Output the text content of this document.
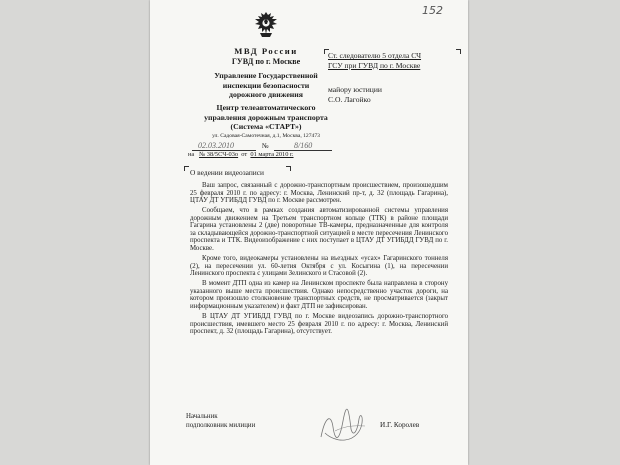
152
МВД России
ГУВД по г. Москве
Управление Государственной
инспекции безопасности
дорожного движения
Центр телеавтоматического
управления дорожным транспорта
(Система «СТАРТ»)
ул. Садовая-Самотечная, д.1, Москва, 127473
02.03.2010	№	8/160
на № 38/5СЧ-03о от 01 марта 2010 г.
Ст. следователю 5 отдела СЧ
ГСУ при ГУВД по г. Москве
майору юстиции
С.О. Лагойко
О ведении видеозаписи

Ваш запрос, связанный с дорожно-транспортным происшествием, произошедшим 25 февраля 2010 г. по адресу: г. Москва, Ленинский пр-т, д. 32 (площадь Гагарина), ЦТАУ ДТ УГИБДД ГУВД по г. Москве рассмотрен.

Сообщаем, что в рамках создания автоматизированной системы управления дорожным движением на Третьем транспортном кольце (ТТК) в районе площади Гагарина установлены 2 (две) поворотные ТВ-камеры, предназначенные для контроля за складывающейся дорожно-транспортной ситуацией в месте пересечения Ленинского проспекта и ТТК. Видеоизображение с них поступает в ЦТАУ ДТ УГИБДД ГУВД по г. Москве.

Кроме того, видеокамеры установлены на въездных «усах» Гагаринского тоннеля (2), на пересечении ул. 60-летия Октября с ул. Косыгина (1), на пересечении Ленинского проспекта с улицами Зелинского и Стасовой (2).

В момент ДТП одна из камер на Ленинском проспекте была направлена в сторону указанного выше места происшествия. Однако непосредственно участок дороги, на котором произошло столкновение транспортных средств, не просматривается (закрыт информационным указателем) и факт ДТП не зафиксирован.

В ЦТАУ ДТ УГИБДД ГУВД по г. Москве видеозапись дорожно-транспортного происшествия, имевшего место 25 февраля 2010 г. по адресу: г. Москва, Ленинский проспект, д. 32 (площадь Гагарина), отсутствует.

Начальник
подполковник милиции	И.Г. Королев
